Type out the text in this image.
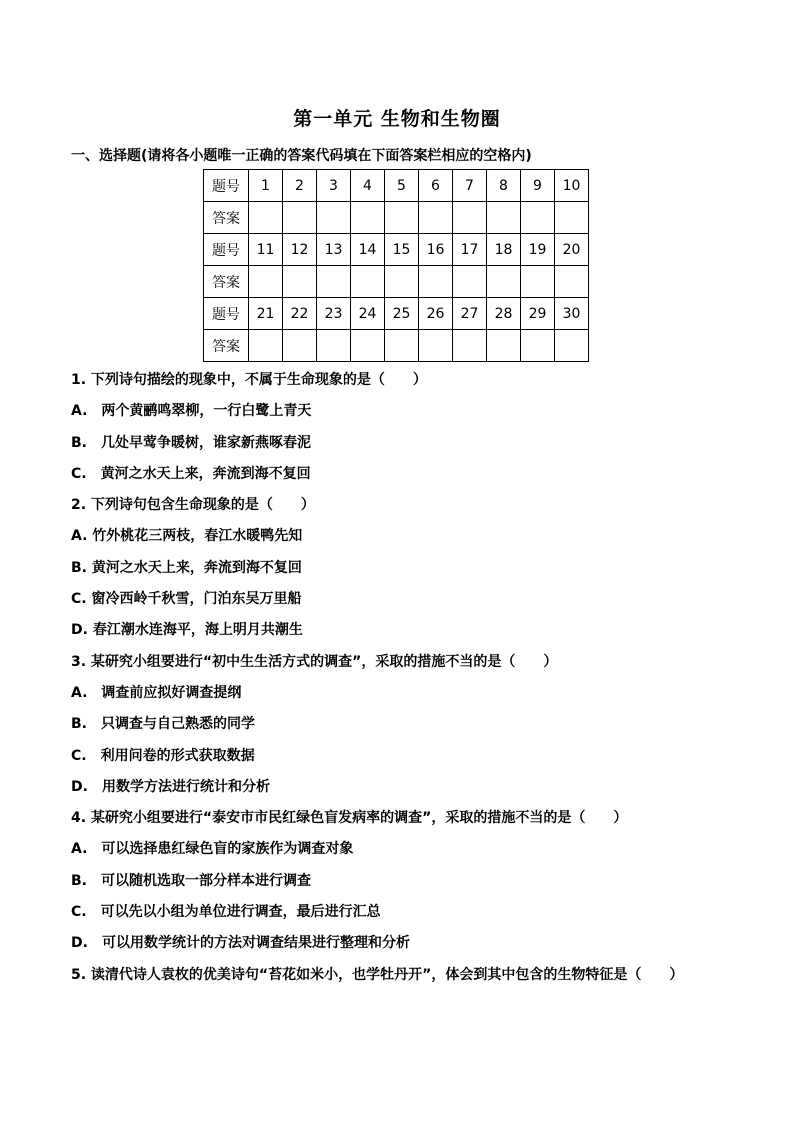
第一单元 生物和生物圈
一、选择题(请将各小题唯一正确的答案代码填在下面答案栏相应的空格内)
题号	1	2	3	4	5	6	7	8	9	10
答案										
题号	11	12	13	14	15	16	17	18	19	20
答案										
题号	21	22	23	24	25	26	27	28	29	30
答案										
1. 下列诗句描绘的现象中，不属于生命现象的是（　　）
A.　两个黄鹂鸣翠柳，一行白鹭上青天
B.　几处早莺争暖树，谁家新燕啄春泥
C.　黄河之水天上来，奔流到海不复回
2. 下列诗句包含生命现象的是（　　）
A. 竹外桃花三两枝，春江水暖鸭先知
B. 黄河之水天上来，奔流到海不复回
C. 窗冷西岭千秋雪，门泊东吴万里船
D. 春江潮水连海平，海上明月共潮生
3. 某研究小组要进行“初中生生活方式的调查”，采取的措施不当的是（　　）
A.　调查前应拟好调查提纲
B.　只调查与自己熟悉的同学
C.　利用问卷的形式获取数据
D.　用数学方法进行统计和分析
4. 某研究小组要进行“泰安市市民红绿色盲发病率的调查”，采取的措施不当的是（　　）
A.　可以选择患红绿色盲的家族作为调查对象
B.　可以随机选取一部分样本进行调查
C.　可以先以小组为单位进行调查，最后进行汇总
D.　可以用数学统计的方法对调查结果进行整理和分析
5. 读清代诗人袁枚的优美诗句“苔花如米小，也学牡丹开”，体会到其中包含的生物特征是（　　）
